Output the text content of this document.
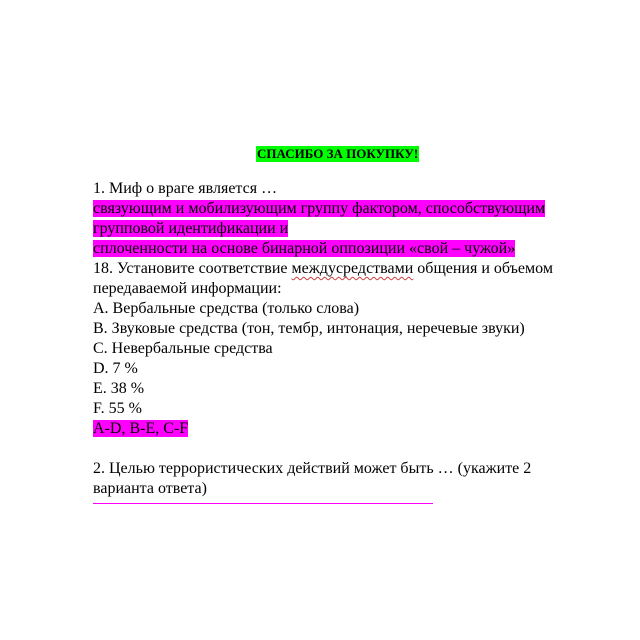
СПАСИБО ЗА ПОКУПКУ!
1. Миф о враге является …
связующим и мобилизующим группу фактором, способствующим
групповой идентификации и
сплоченности на основе бинарной оппозиции «свой – чужой»
18. Установите соответствие междусредствами общения и объемом
передаваемой информации:
A. Вербальные средства (только слова)
B. Звуковые средства (тон, тембр, интонация, неречевые звуки)
C. Невербальные средства
D. 7 %
E. 38 %
F. 55 %
A-D, B-E, C-F
2. Целью террористических действий может быть … (укажите 2
варианта ответа)
